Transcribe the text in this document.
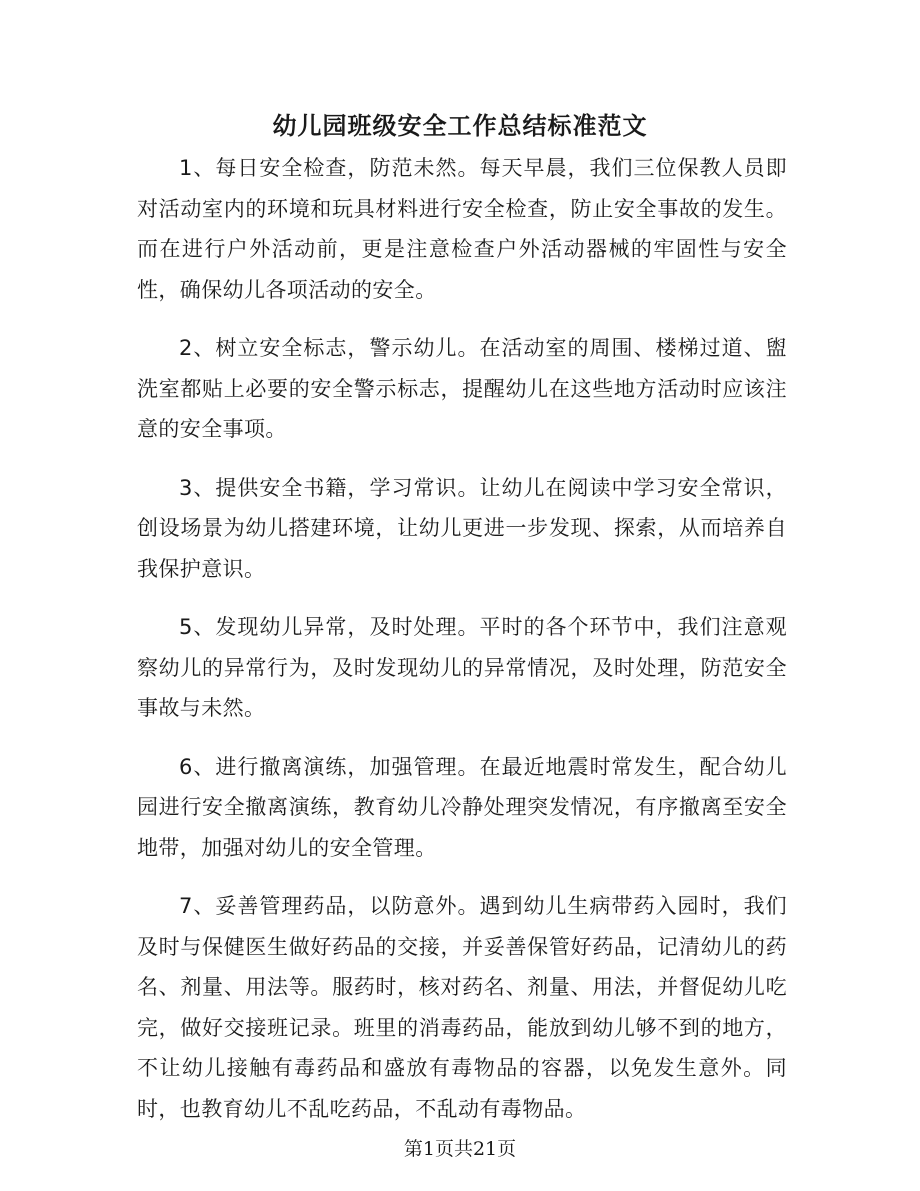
幼儿园班级安全工作总结标准范文

1、每日安全检查，防范未然。每天早晨，我们三位保教人员即对活动室内的环境和玩具材料进行安全检查，防止安全事故的发生。而在进行户外活动前，更是注意检查户外活动器械的牢固性与安全性，确保幼儿各项活动的安全。

2、树立安全标志，警示幼儿。在活动室的周围、楼梯过道、盥洗室都贴上必要的安全警示标志，提醒幼儿在这些地方活动时应该注意的安全事项。

3、提供安全书籍，学习常识。让幼儿在阅读中学习安全常识，创设场景为幼儿搭建环境，让幼儿更进一步发现、探索，从而培养自我保护意识。

5、发现幼儿异常，及时处理。平时的各个环节中，我们注意观察幼儿的异常行为，及时发现幼儿的异常情况，及时处理，防范安全事故与未然。

6、进行撤离演练，加强管理。在最近地震时常发生，配合幼儿园进行安全撤离演练，教育幼儿冷静处理突发情况，有序撤离至安全地带，加强对幼儿的安全管理。

7、妥善管理药品，以防意外。遇到幼儿生病带药入园时，我们及时与保健医生做好药品的交接，并妥善保管好药品，记清幼儿的药名、剂量、用法等。服药时，核对药名、剂量、用法，并督促幼儿吃完，做好交接班记录。班里的消毒药品，能放到幼儿够不到的地方，不让幼儿接触有毒药品和盛放有毒物品的容器，以免发生意外。同时，也教育幼儿不乱吃药品，不乱动有毒物品。

第1页共21页
